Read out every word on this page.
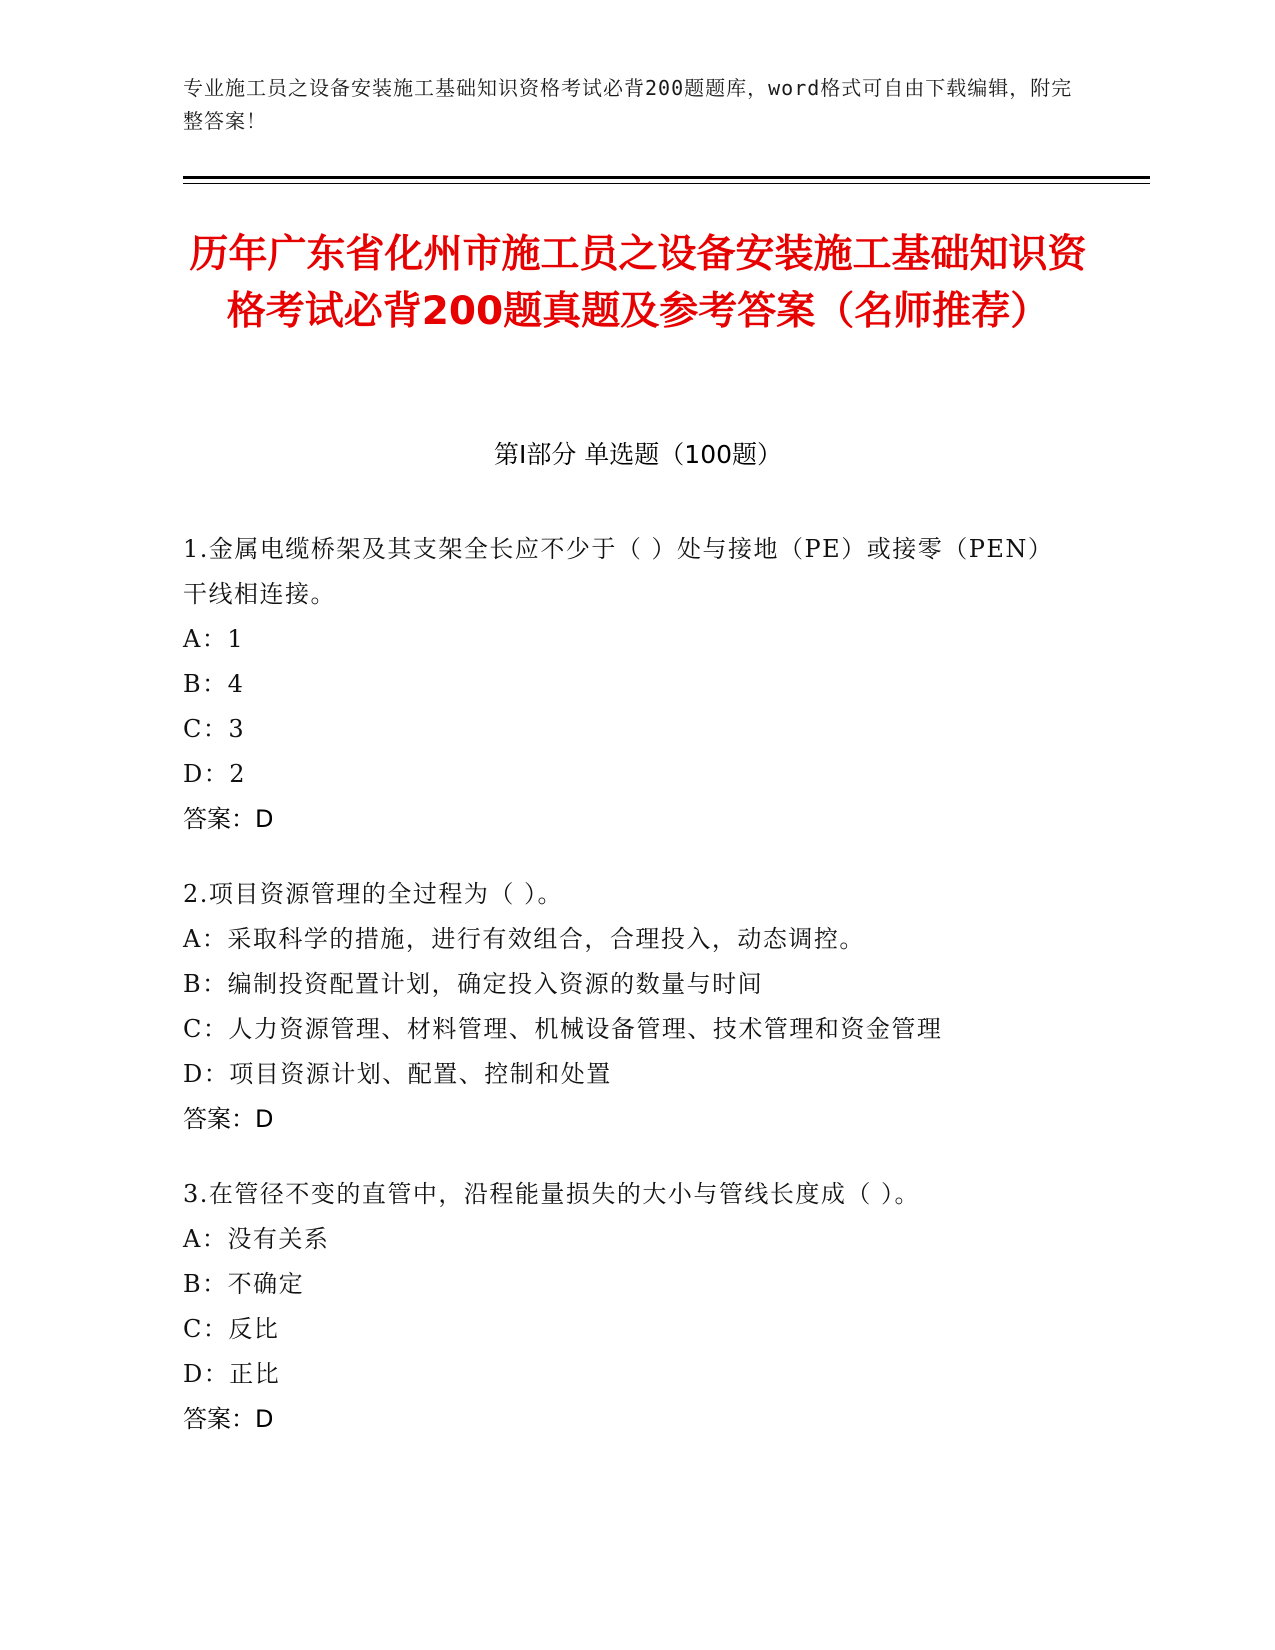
专业施工员之设备安装施工基础知识资格考试必背200题题库，word格式可自由下载编辑，附完整答案！
历年广东省化州市施工员之设备安装施工基础知识资格考试必背200题真题及参考答案（名师推荐）
第Ⅰ部分 单选题（100题）
1.金属电缆桥架及其支架全长应不少于（ ）处与接地（PE）或接零（PEN）干线相连接。
A：1
B：4
C：3
D：2
答案：D
2.项目资源管理的全过程为（ ）。
A：采取科学的措施，进行有效组合，合理投入，动态调控。
B：编制投资配置计划，确定投入资源的数量与时间
C：人力资源管理、材料管理、机械设备管理、技术管理和资金管理
D：项目资源计划、配置、控制和处置
答案：D
3.在管径不变的直管中，沿程能量损失的大小与管线长度成（ ）。
A：没有关系
B：不确定
C：反比
D：正比
答案：D
